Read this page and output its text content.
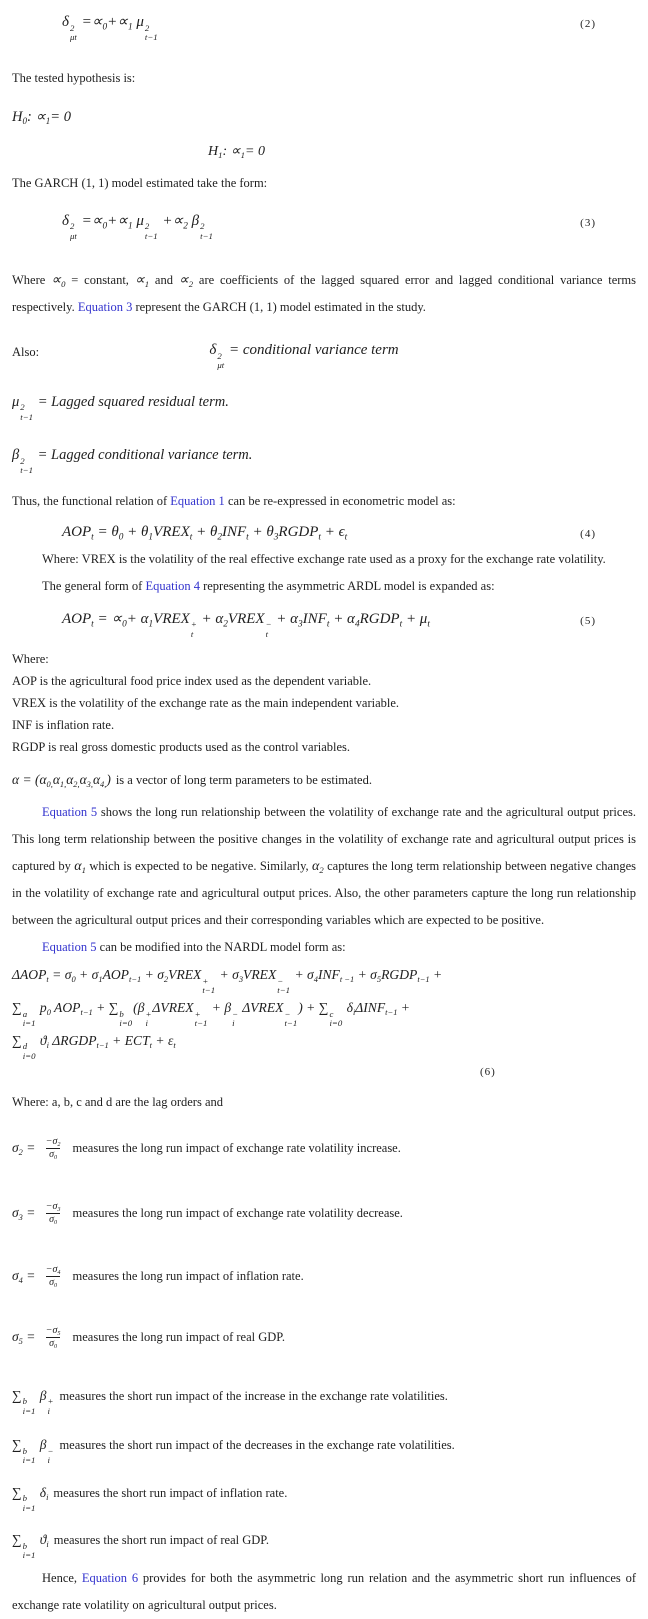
δ 2
μt
$=\propto_0+\propto_1$ μ 2
t−1
(2)
The tested hypothesis is:
$H_0$: $\propto_1= 0$
$H_1$: $\propto_1= 0$
The GARCH (1, 1) model estimated take the form:
δ 2
μt
$=\propto_0+\propto_1$ μ 2
t−1
$+\propto_2$ β 2
t−1
(3)
Where $\propto_0$ = constant, $\propto_1$ and $\propto_2$ are coefficients of the lagged squared error and lagged conditional variance terms respectively. Equation 3 represent the GARCH (1, 1) model estimated in the study.
Also:	δ 2
μt
= conditional variance term
μ 2
t−1
= Lagged squared residual term.
β 2
t−1
= Lagged conditional variance term.
Thus, the functional relation of Equation 1 can be re-expressed in econometric model as:
$AOP_t = \theta_0$ + $\theta_1VREX_t + \theta_2INF_t$ + $\theta_3RGDP_t + \epsilon_t$	(4)
Where: VREX is the volatility of the real effective exchange rate used as a proxy for the exchange rate volatility.
The general form of Equation 4 representing the asymmetric ARDL model is expanded as:
$AOP_t = \propto_0+$ $\alpha_1VREX$ +
t
+ $\alpha_2VREX$ −
t
+ $\alpha_3INF_t$ + $\alpha_4RGDP_t + \mu_t$	(5)
Where:
AOP is the agricultural food price index used as the dependent variable.
VREX is the volatility of the exchange rate as the main independent variable.
INF is inflation rate.
RGDP is real gross domestic products used as the control variables.
$\alpha = (\alpha_{0,}\alpha_{1,}\alpha_{2,}\alpha_{3,}\alpha_{4,})$ is a vector of long term parameters to be estimated.
Equation 5 shows the long run relationship between the volatility of exchange rate and the agricultural output prices. This long term relationship between the positive changes in the volatility of exchange rate and agricultural output prices is captured by $\alpha_1$ which is expected to be negative. Similarly, $\alpha_2$ captures the long term relationship between negative changes in the volatility of exchange rate and agricultural output prices. Also, the other parameters capture the long run relationship between the agricultural output prices and their corresponding variables which are expected to be positive.
Equation 5 can be modified into the NARDL model form as:
$\Delta AOP_t = \sigma_0 + \sigma_1AOP_{t-1}$ + $\sigma_2VREX$ +
t−1
+ $\sigma_3VREX$ −
t−1
+ $\sigma_4INF_{t -1}$ + $\sigma_5RGDP_{t-1}$ +
∑ a
i=1
$p_0$ $AOP_{t-1}$ + ∑ b
i=0
(β +
i
ΔVREX +
t−1
+ β −
i
ΔVREX −
t−1
) + ∑ c
i=0
$\delta_i\Delta INF_{t-1}$ +
∑ d
i=0
$ϑ_i$ $\Delta RGDP_{t-1} + ECT_t + \varepsilon_t$
(6)
Where: a, b, c and d are the lag orders and
$\sigma_2 = \frac{-\sigma_2}{\sigma_0}$ measures the long run impact of exchange rate volatility increase.
$\sigma_3 = \frac{-\sigma_3}{\sigma_0}$ measures the long run impact of exchange rate volatility decrease.
$\sigma_4 = \frac{-\sigma_4}{\sigma_0}$ measures the long run impact of inflation rate.
$\sigma_5 = \frac{-\sigma_5}{\sigma_0}$ measures the long run impact of real GDP.
∑ b
i=1
β +
i
measures the short run impact of the increase in the exchange rate volatilities.
∑ b
i=1
β −
i
measures the short run impact of the decreases in the exchange rate volatilities.
∑ b
i=1
$\delta_i$ measures the short run impact of inflation rate.
∑ b
i=1
$ϑ_i$ measures the short run impact of real GDP.
Hence, Equation 6 provides for both the asymmetric long run relation and the asymmetric short run influences of exchange rate volatility on agricultural output prices.
